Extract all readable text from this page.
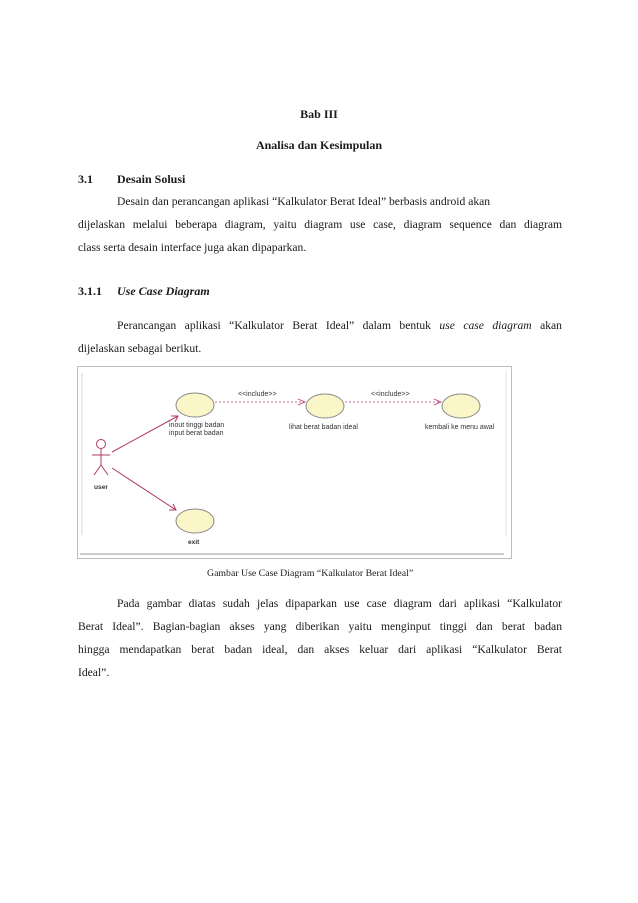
Bab III
Analisa dan Kesimpulan
3.1 Desain Solusi
Desain dan perancangan aplikasi “Kalkulator Berat Ideal” berbasis android akan
dijelaskan melalui beberapa diagram, yaitu diagram use case, diagram sequence dan diagram
class serta desain interface juga akan dipaparkan.
3.1.1 Use Case Diagram
Perancangan aplikasi “Kalkulator Berat Ideal” dalam bentuk use case diagram akan
dijelaskan sebagai berikut.
user
<<include>>	<<include>>
inout tinggi badan
input berat badan
lihat berat badan ideal	kembali ke menu awal
exit
Gambar Use Case Diagram “Kalkulator Berat Ideal”
Pada gambar diatas sudah jelas dipaparkan use case diagram dari aplikasi “Kalkulator
Berat Ideal”. Bagian-bagian akses yang diberikan yaitu menginput tinggi dan berat badan
hingga mendapatkan berat badan ideal, dan akses keluar dari aplikasi “Kalkulator Berat
Ideal”.
